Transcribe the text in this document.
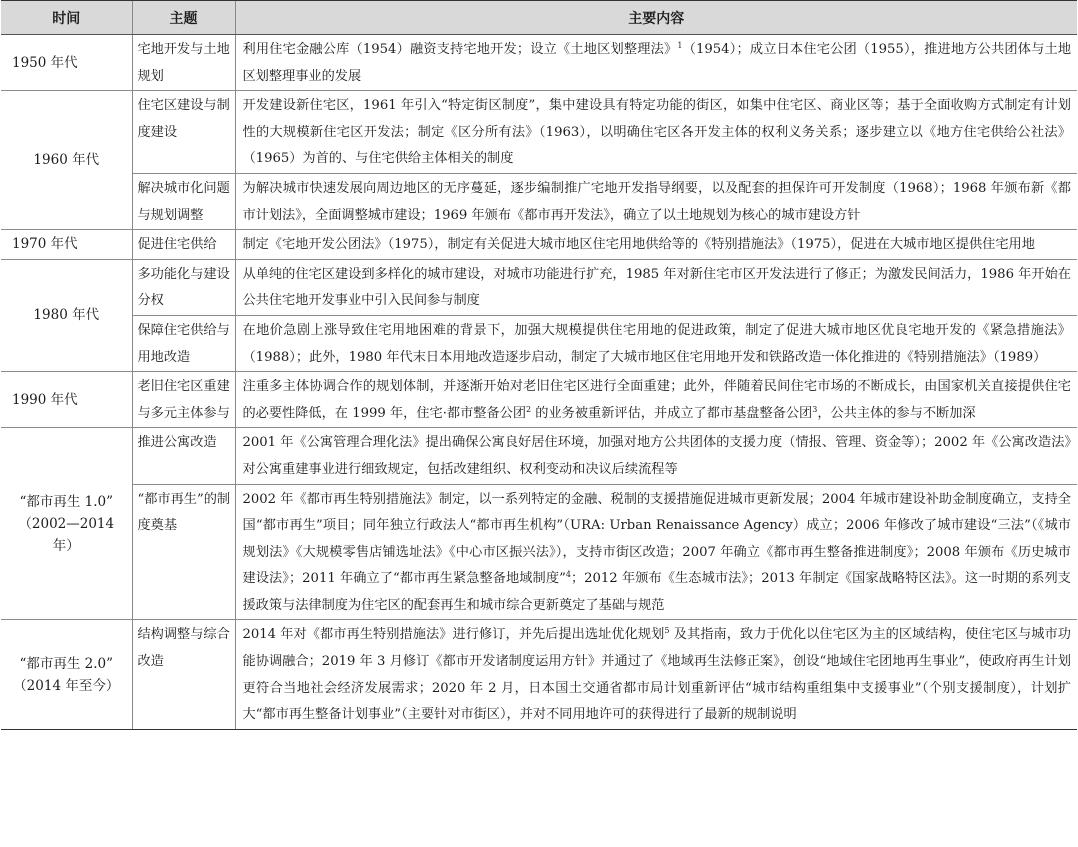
时间	主题	主要内容
1950 年代	宅地开发与土地规划	利用住宅金融公库（1954）融资支持宅地开发；设立《土地区划整理法》$^1$（1954）；成立日本住宅公团（1955），推进地方公共团体与土地区划整理事业的发展
1960 年代	住宅区建设与制度建设	开发建设新住宅区，1961 年引入“特定街区制度”，集中建设具有特定功能的街区，如集中住宅区、商业区等；基于全面收购方式制定有计划性的大规模新住宅区开发法；制定《区分所有法》（1963），以明确住宅区各开发主体的权利义务关系；逐步建立以《地方住宅供给公社法》（1965）为首的、与住宅供给主体相关的制度
	解决城市化问题与规划调整	为解决城市快速发展向周边地区的无序蔓延，逐步编制推广宅地开发指导纲要，以及配套的担保许可开发制度（1968）；1968 年颁布新《都市计划法》，全面调整城市建设；1969 年颁布《都市再开发法》，确立了以土地规划为核心的城市建设方针
1970 年代	促进住宅供给	制定《宅地开发公团法》（1975），制定有关促进大城市地区住宅用地供给等的《特别措施法》（1975），促进在大城市地区提供住宅用地
1980 年代	多功能化与建设分权	从单纯的住宅区建设到多样化的城市建设，对城市功能进行扩充，1985 年对新住宅市区开发法进行了修正；为激发民间活力，1986 年开始在公共住宅地开发事业中引入民间参与制度
	保障住宅供给与用地改造	在地价急剧上涨导致住宅用地困难的背景下，加强大规模提供住宅用地的促进政策，制定了促进大城市地区优良宅地开发的《紧急措施法》（1988）；此外，1980 年代末日本用地改造逐步启动，制定了大城市地区住宅用地开发和铁路改造一体化推进的《特别措施法》（1989）
1990 年代	老旧住宅区重建与多元主体参与	注重多主体协调合作的规划体制，并逐渐开始对老旧住宅区进行全面重建；此外，伴随着民间住宅市场的不断成长，由国家机关直接提供住宅的必要性降低，在 1999 年，住宅·都市整备公团$^2$ 的业务被重新评估，并成立了都市基盘整备公团$^3$，公共主体的参与不断加深

“都市再生 1.0”
（2002—2014 年）	推进公寓改造	2001 年《公寓管理合理化法》提出确保公寓良好居住环境，加强对地方公共团体的支援力度（情报、管理、资金等）；2002 年《公寓改造法》对公寓重建事业进行细致规定，包括改建组织、权利变动和决议后续流程等
	“都市再生”的制度奠基	2002 年《都市再生特别措施法》制定，以一系列特定的金融、税制的支援措施促进城市更新发展；2004 年城市建设补助金制度确立，支持全国“都市再生”项目；同年独立行政法人“都市再生机构”（URA: Urban Renaissance Agency）成立；2006 年修改了城市建设“三法”（《城市规划法》《大规模零售店铺选址法》《中心市区振兴法》），支持市街区改造；2007 年确立《都市再生整备推进制度》；2008 年颁布《历史城市建设法》；2011 年确立了“都市再生紧急整备地域制度”$^4$；2012 年颁布《生态城市法》；2013 年制定《国家战略特区法》。这一时期的系列支援政策与法律制度为住宅区的配套再生和城市综合更新奠定了基础与规范

“都市再生 2.0”
（2014 年至今）	结构调整与综合改造	2014 年对《都市再生特别措施法》进行修订，并先后提出选址优化规划$^5$ 及其指南，致力于优化以住宅区为主的区域结构，使住宅区与城市功能协调融合；2019 年 3 月修订《都市开发诸制度运用方针》并通过了《地域再生法修正案》，创设“地域住宅团地再生事业”，使政府再生计划更符合当地社会经济发展需求；2020 年 2 月，日本国土交通省都市局计划重新评估“城市结构重组集中支援事业”（个别支援制度），计划扩大“都市再生整备计划事业”（主要针对市街区），并对不同用地许可的获得进行了最新的规制说明
